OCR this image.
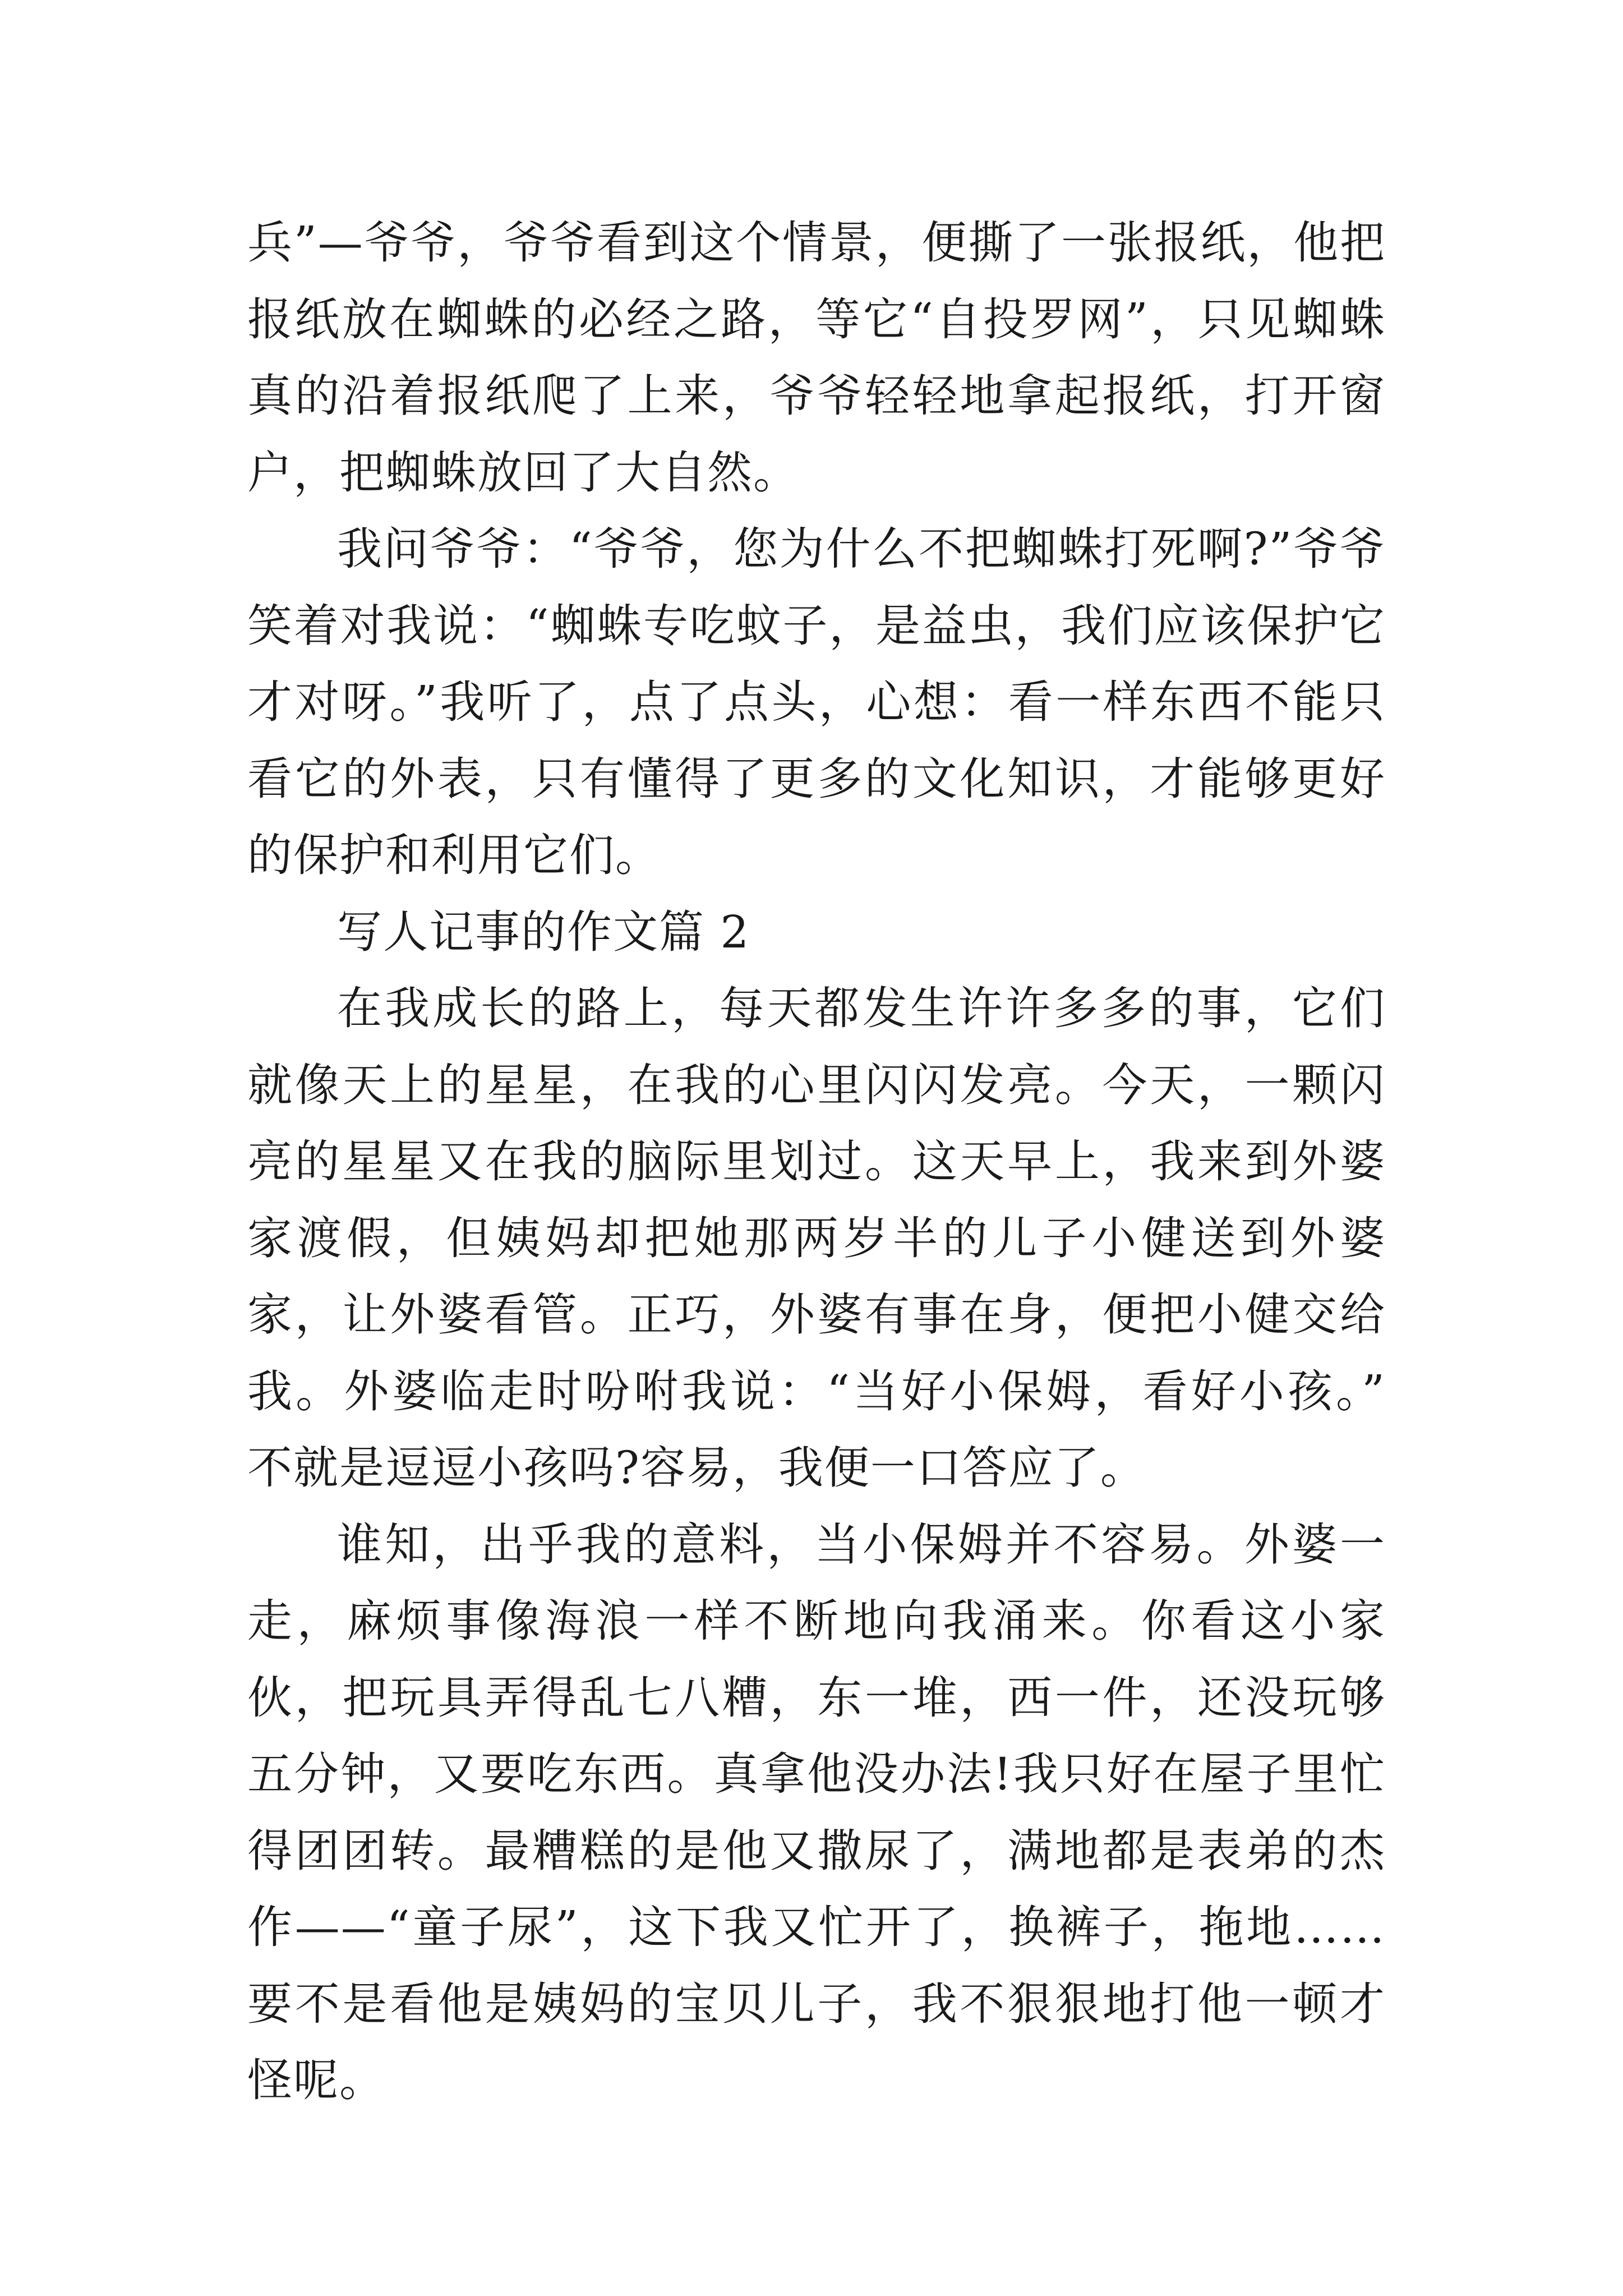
兵”—爷爷，爷爷看到这个情景，便撕了一张报纸，他把报纸放在蜘蛛的必经之路，等它“自投罗网”，只见蜘蛛真的沿着报纸爬了上来，爷爷轻轻地拿起报纸，打开窗户，把蜘蛛放回了大自然。

我问爷爷：“爷爷，您为什么不把蜘蛛打死啊?”爷爷笑着对我说：“蜘蛛专吃蚊子，是益虫，我们应该保护它才对呀。”我听了，点了点头，心想：看一样东西不能只看它的外表，只有懂得了更多的文化知识，才能够更好的保护和利用它们。

写人记事的作文篇 2

在我成长的路上，每天都发生许许多多的事，它们就像天上的星星，在我的心里闪闪发亮。今天，一颗闪亮的星星又在我的脑际里划过。这天早上，我来到外婆家渡假，但姨妈却把她那两岁半的儿子小健送到外婆家，让外婆看管。正巧，外婆有事在身，便把小健交给我。外婆临走时吩咐我说：“当好小保姆，看好小孩。” 不就是逗逗小孩吗?容易，我便一口答应了。

谁知，出乎我的意料，当小保姆并不容易。外婆一走，麻烦事像海浪一样不断地向我涌来。你看这小家伙，把玩具弄得乱七八糟，东一堆，西一件，还没玩够五分钟，又要吃东西。真拿他没办法!我只好在屋子里忙得团团转。最糟糕的是他又撒尿了，满地都是表弟的杰作——“童子尿”，这下我又忙开了，换裤子，拖地……要不是看他是姨妈的宝贝儿子，我不狠狠地打他一顿才怪呢。
